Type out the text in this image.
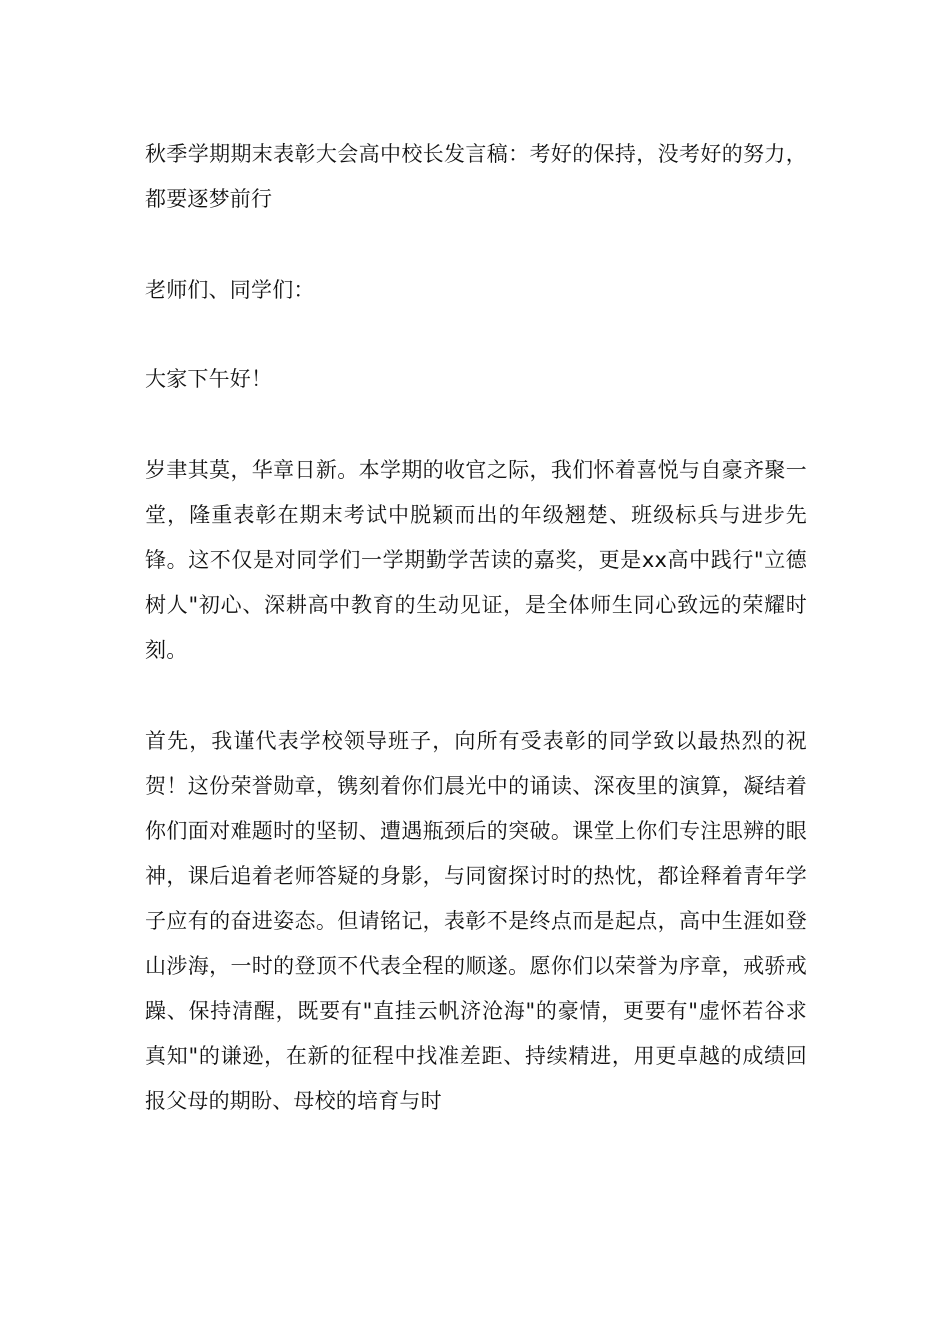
秋季学期期末表彰大会高中校长发言稿：考好的保持，没考好的努力，都要逐梦前行

老师们、同学们：

大家下午好！

岁聿其莫，华章日新。本学期的收官之际，我们怀着喜悦与自豪齐聚一堂，隆重表彰在期末考试中脱颖而出的年级翘楚、班级标兵与进步先锋。这不仅是对同学们一学期勤学苦读的嘉奖，更是xx高中践行"立德树人"初心、深耕高中教育的生动见证，是全体师生同心致远的荣耀时刻。

首先，我谨代表学校领导班子，向所有受表彰的同学致以最热烈的祝贺！这份荣誉勋章，镌刻着你们晨光中的诵读、深夜里的演算，凝结着你们面对难题时的坚韧、遭遇瓶颈后的突破。课堂上你们专注思辨的眼神，课后追着老师答疑的身影，与同窗探讨时的热忱，都诠释着青年学子应有的奋进姿态。但请铭记，表彰不是终点而是起点，高中生涯如登山涉海，一时的登顶不代表全程的顺遂。愿你们以荣誉为序章，戒骄戒躁、保持清醒，既要有"直挂云帆济沧海"的豪情，更要有"虚怀若谷求真知"的谦逊，在新的征程中找准差距、持续精进，用更卓越的成绩回报父母的期盼、母校的培育与时
